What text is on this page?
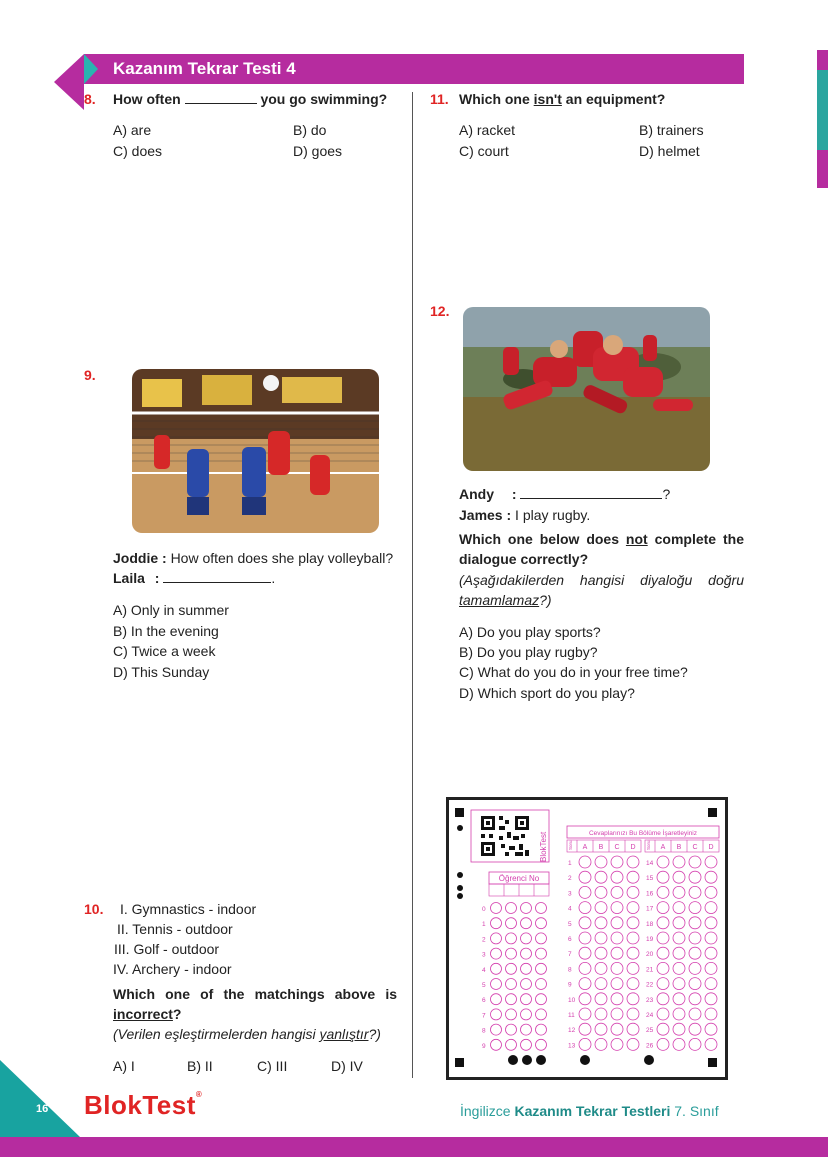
Kazanım Tekrar Testi 4
8. How often	you go swimming?
A) are	B) do
C) does	D) goes
9.
Joddie : How often does she play volleyball?
Laila :	.
A) Only in summer
B) In the evening
C) Twice a week
D) This Sunday
10. I. Gymnastics - indoor
II. Tennis - outdoor
III. Golf - outdoor
IV. Archery - indoor
Which one of the matchings above is
incorrect?
(Verilen eşleştirmelerden hangisi yanlıştır?)
A) I	B) II	C) III	D) IV
11. Which one isn't an equipment?
A) racket	B) trainers
C) court	D) helmet
12.
Andy :	?
James : I play rugby.
Which one below does not complete the
dialogue correctly?
(Aşağıdakilerden hangisi diyaloğu doğru
tamamlamaz?)
A) Do you play sports?
B) Do you play rugby?
C) What do you do in your free time?
D) Which sport do you play?
BlokTest
Öğrenci No
0
1
2
3
4
5
6
7
8
9
Cevaplarınızı Bu Bölüme İşaretleyiniz
Soru A B C D
1
2
3
4
5
6
7
8
9
10
11
12
13
Soru A B C D
14
15
16
17
18
19
20
21
22
23
24
25
26
16 BlokTest®
İngilizce Kazanım Tekrar Testleri 7. Sınıf
